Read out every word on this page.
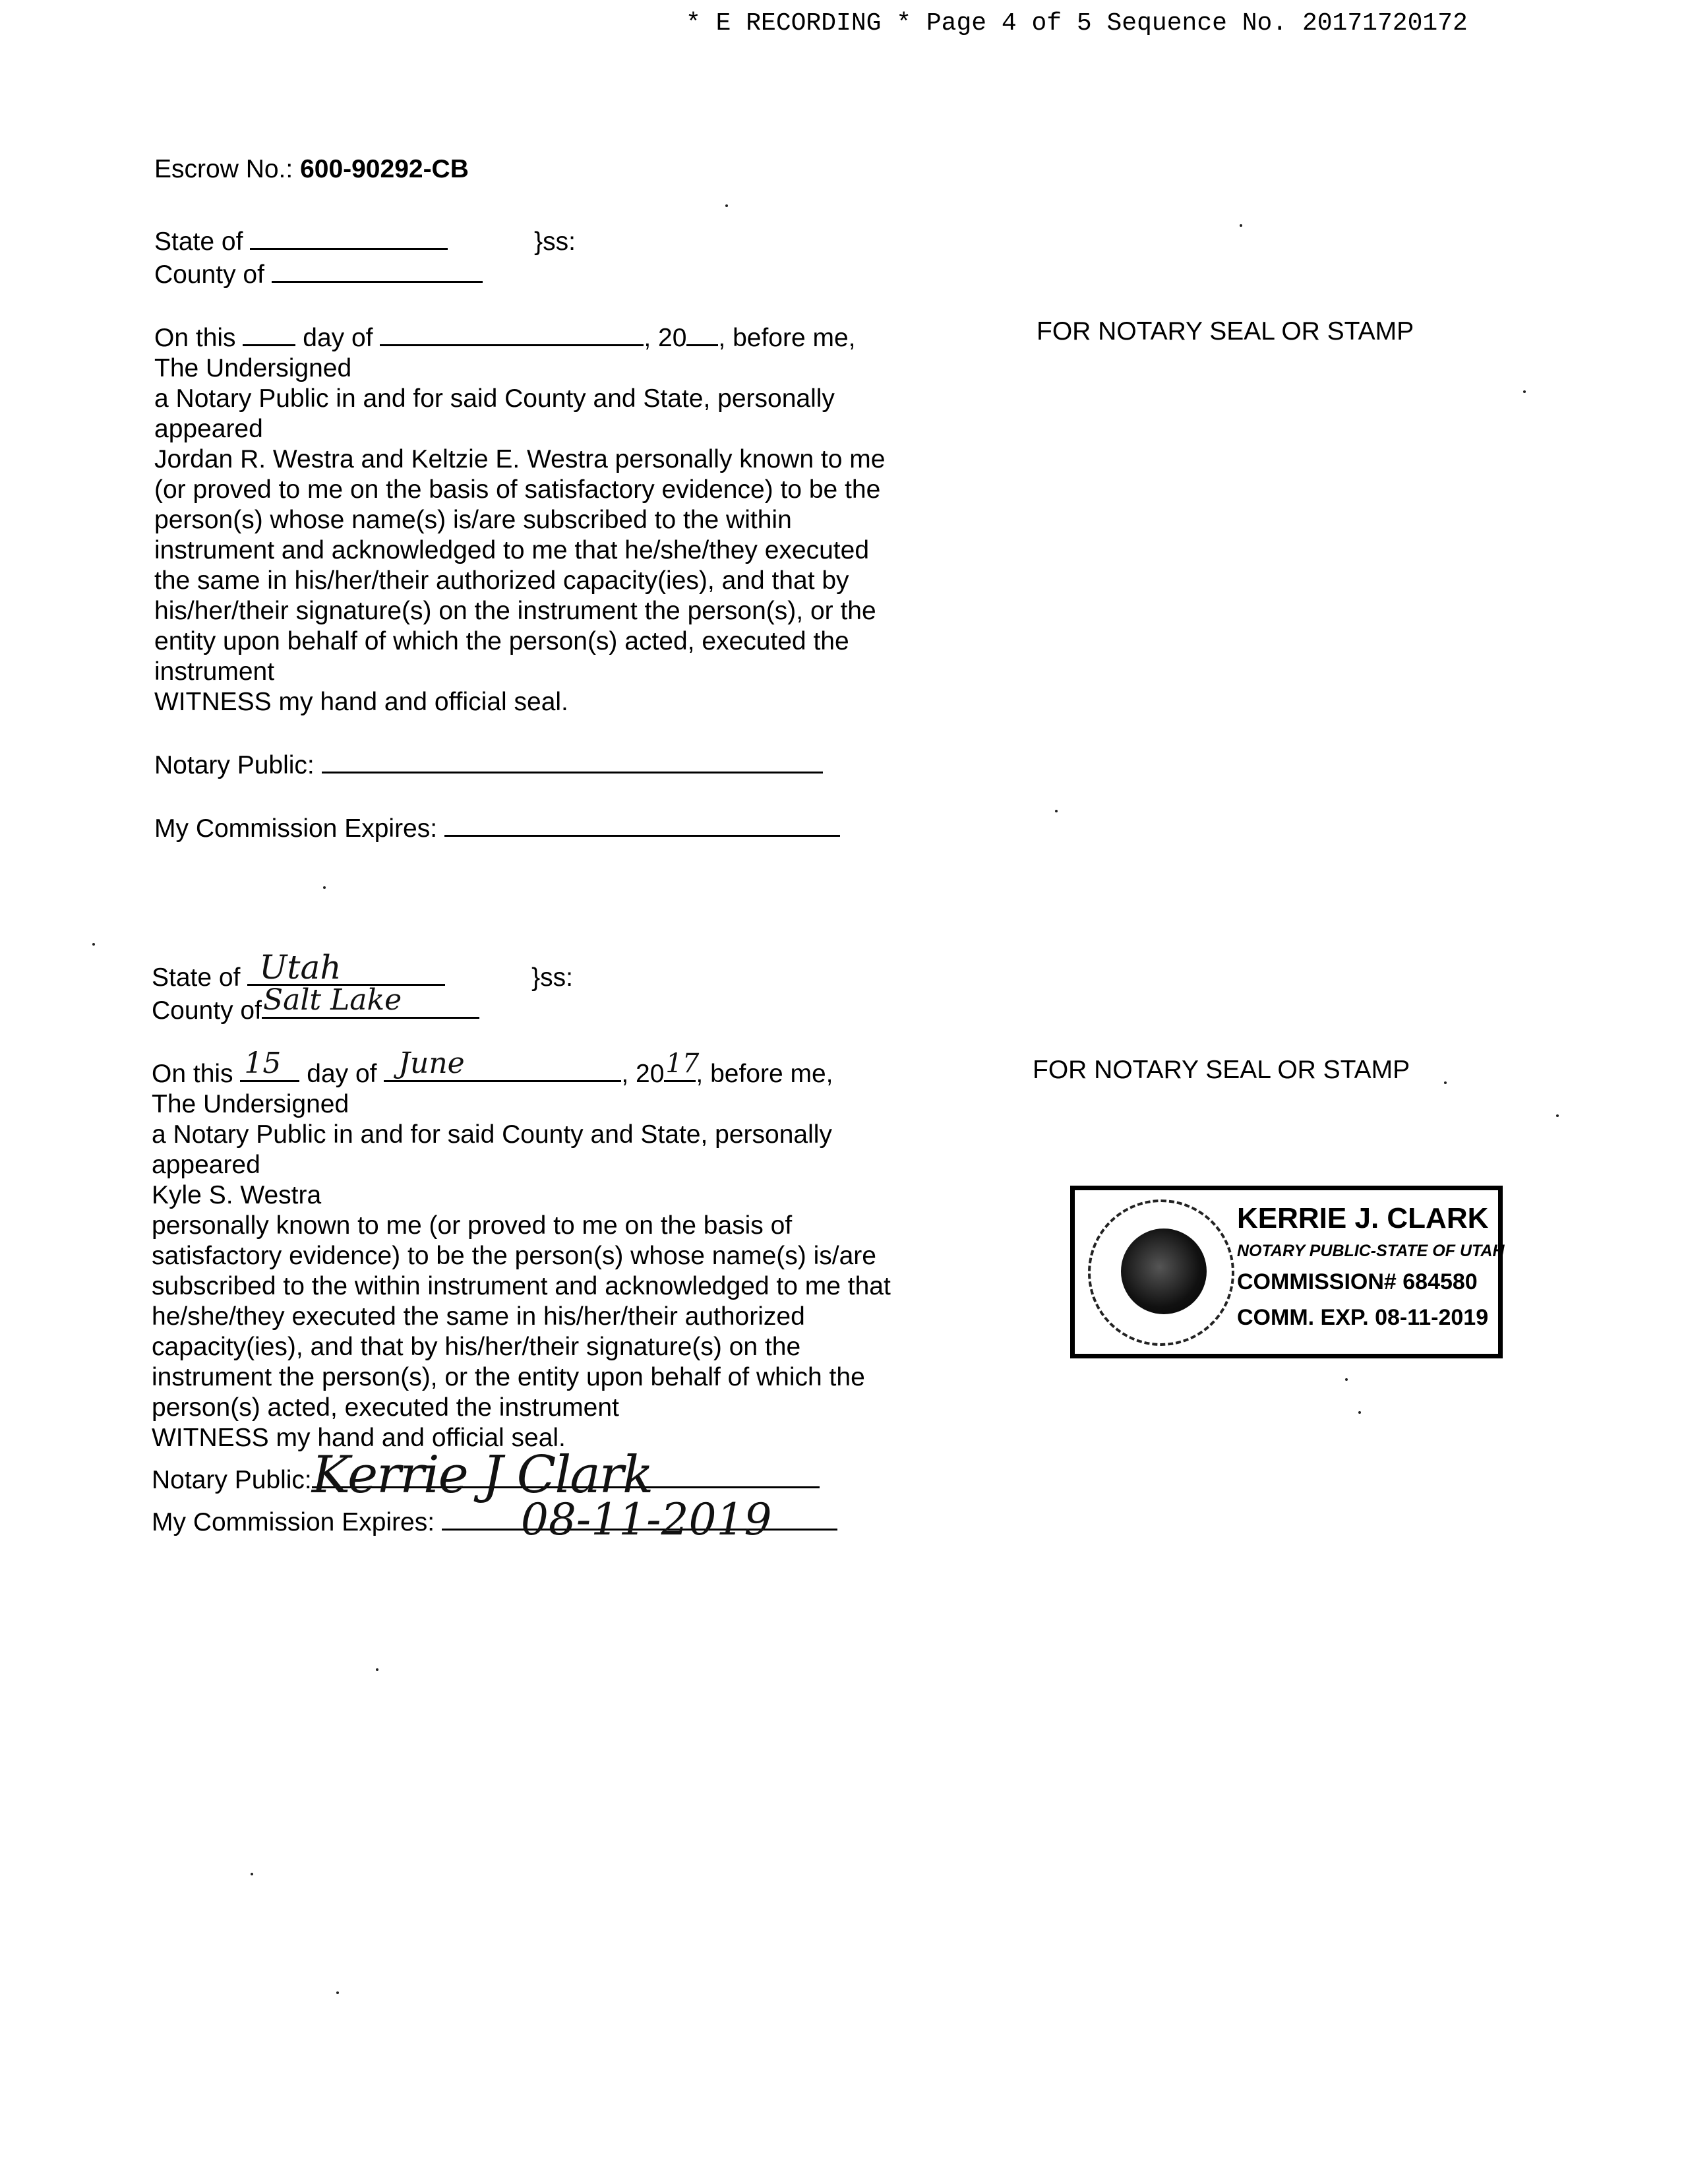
* E RECORDING * Page 4 of 5 Sequence No. 20171720172
Escrow No.: 600-90292-CB
State of	}ss:
County of
On this	day of	, 20 , before me,
The Undersigned
a Notary Public in and for said County and State, personally
appeared
Jordan R. Westra and Keltzie E. Westra personally known to me
(or proved to me on the basis of satisfactory evidence) to be the
person(s) whose name(s) is/are subscribed to the within
instrument and acknowledged to me that he/she/they executed
the same in his/her/their authorized capacity(ies), and that by
his/her/their signature(s) on the instrument the person(s), or the
entity upon behalf of which the person(s) acted, executed the
instrument
WITNESS my hand and official seal.
Notary Public:
My Commission Expires:
FOR NOTARY SEAL OR STAMP
State of Utah	}ss:
County of Salt Lake
On this 15 day of June	, 20 17
, before me,
The Undersigned
a Notary Public in and for said County and State, personally
appeared
Kyle S. Westra
personally known to me (or proved to me on the basis of
satisfactory evidence) to be the person(s) whose name(s) is/are
subscribed to the within instrument and acknowledged to me that
he/she/they executed the same in his/her/their authorized
capacity(ies), and that by his/her/their signature(s) on the
instrument the person(s), or the entity upon behalf of which the
person(s) acted, executed the instrument
WITNESS my hand and official seal.
Notary Public: Kerrie J Clark
My Commission Expires: 08-11-2019
FOR NOTARY SEAL OR STAMP
KERRIE J. CLARK
NOTARY PUBLIC-STATE OF UTAH
COMMISSION# 684580
COMM. EXP. 08-11-2019
